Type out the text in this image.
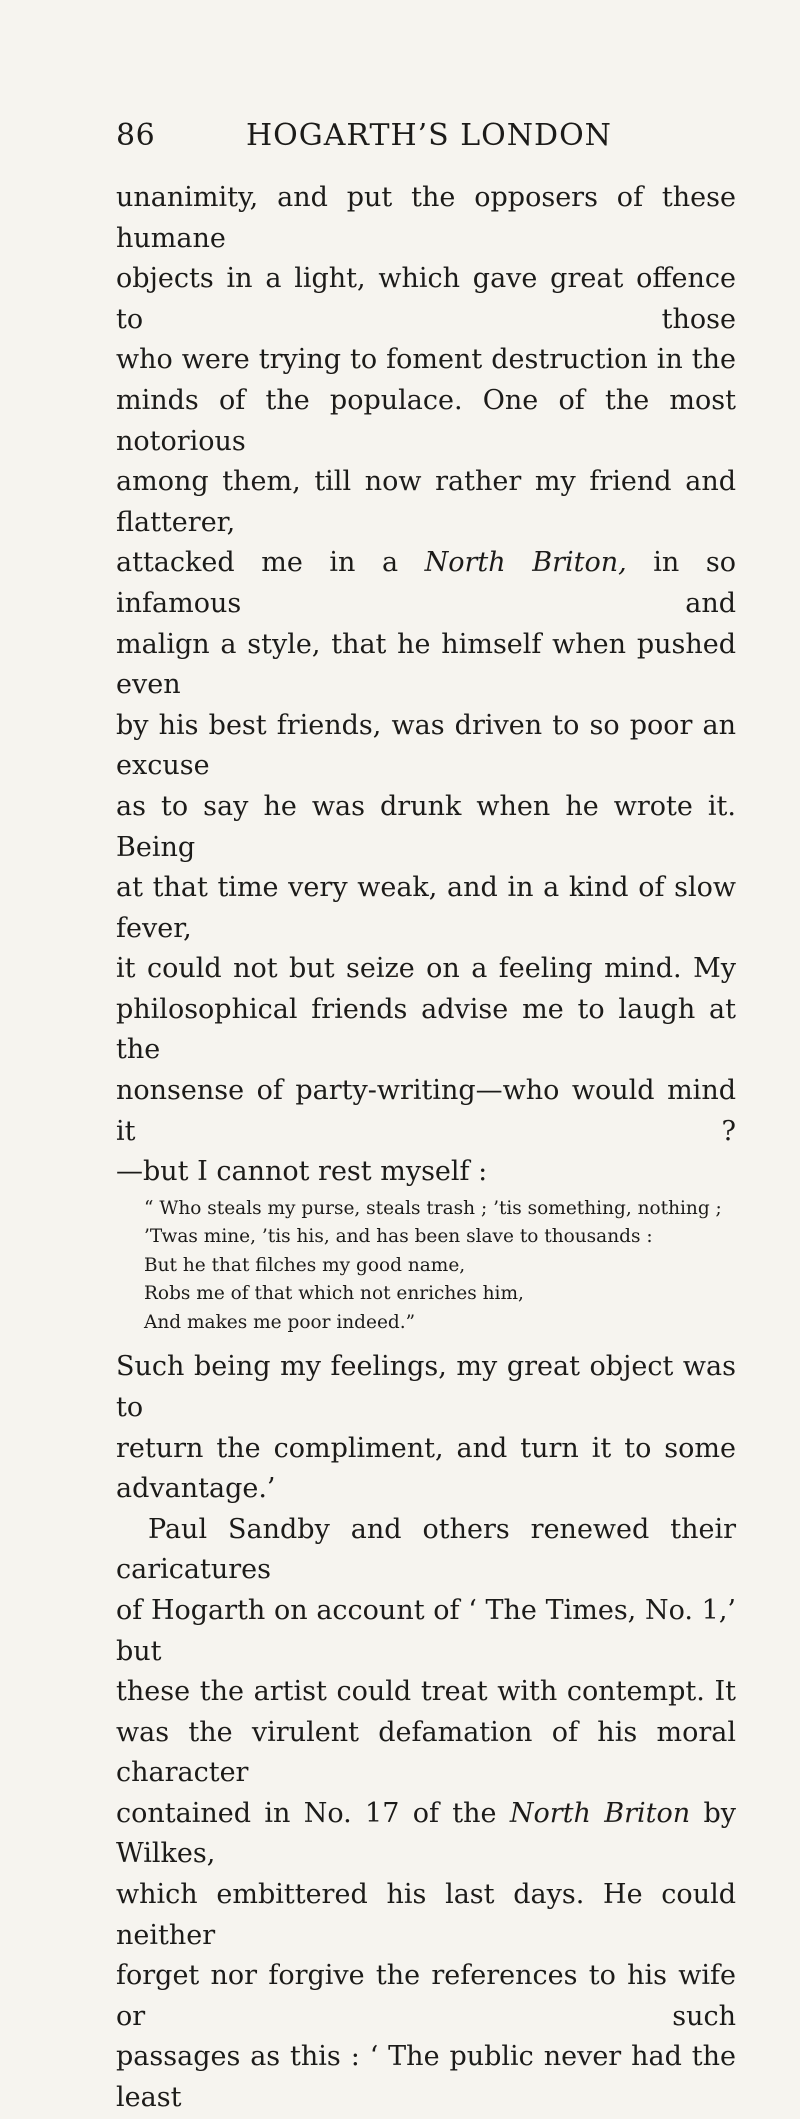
86	HOGARTH’S LONDON
unanimity, and put the opposers of these humane
objects in a light, which gave great offence to those
who were trying to foment destruction in the
minds of the populace. One of the most notorious
among them, till now rather my friend and flatterer,
attacked me in a North Briton, in so infamous and
malign a style, that he himself when pushed even
by his best friends, was driven to so poor an excuse
as to say he was drunk when he wrote it. Being
at that time very weak, and in a kind of slow fever,
it could not but seize on a feeling mind. My
philosophical friends advise me to laugh at the
nonsense of party-writing—who would mind it ?
—but I cannot rest myself :
“ Who steals my purse, steals trash ; ’tis something, nothing ;
’Twas mine, ’tis his, and has been slave to thousands :
But he that filches my good name,
Robs me of that which not enriches him,
And makes me poor indeed.”
Such being my feelings, my great object was to
return the compliment, and turn it to some
advantage.’
Paul Sandby and others renewed their caricatures
of Hogarth on account of ‘ The Times, No. 1,’ but
these the artist could treat with contempt. It
was the virulent defamation of his moral character
contained in No. 17 of the North Briton by Wilkes,
which embittered his last days. He could neither
forget nor forgive the references to his wife or such
passages as this : ‘ The public never had the least
